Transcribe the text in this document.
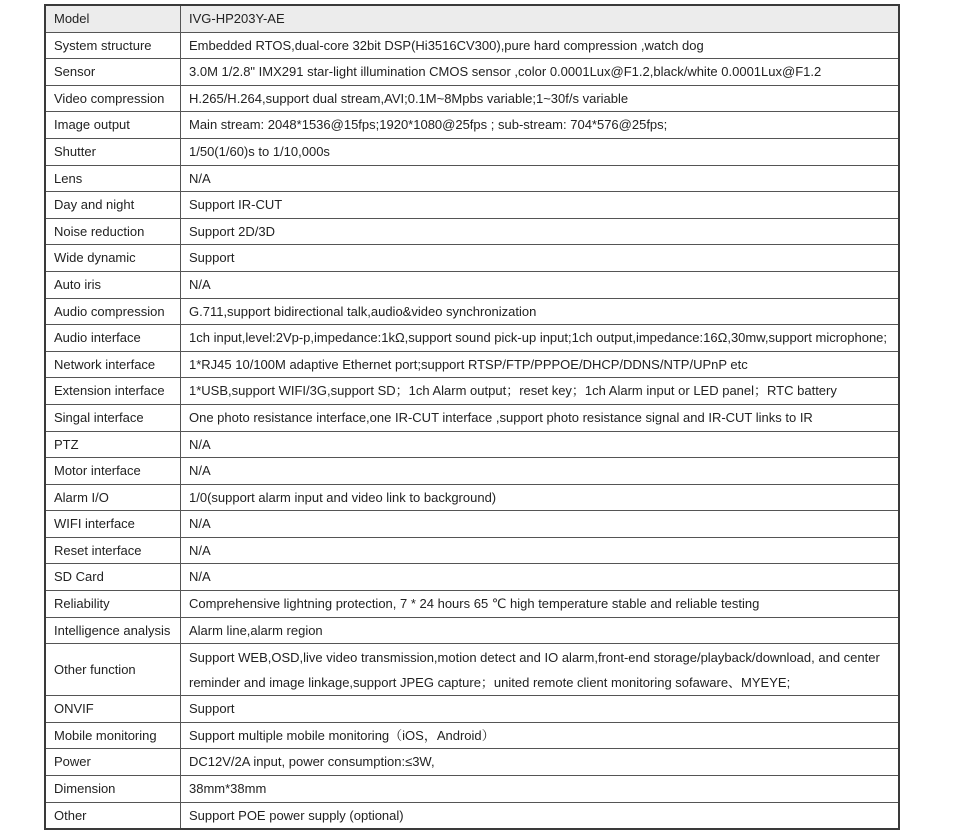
Model	IVG-HP203Y-AE
System structure	Embedded RTOS,dual-core 32bit DSP(Hi3516CV300),pure hard compression ,watch dog
Sensor	3.0M 1/2.8" IMX291 star-light illumination CMOS sensor ,color 0.0001Lux@F1.2,black/white 0.0001Lux@F1.2
Video compression	H.265/H.264,support dual stream,AVI;0.1M~8Mpbs variable;1~30f/s variable
Image output	Main stream: 2048*1536@15fps;1920*1080@25fps ; sub-stream: 704*576@25fps;
Shutter	1/50(1/60)s to 1/10,000s
Lens	N/A
Day and night	Support IR-CUT
Noise reduction	Support 2D/3D
Wide dynamic	Support
Auto iris	N/A
Audio compression	G.711,support bidirectional talk,audio&video synchronization
Audio interface	1ch input,level:2Vp-p,impedance:1kΩ,support sound pick-up input;1ch output,impedance:16Ω,30mw,support microphone;
Network interface	1*RJ45 10/100M adaptive Ethernet port;support RTSP/FTP/PPPOE/DHCP/DDNS/NTP/UPnP etc
Extension interface	1*USB,support WIFI/3G,support SD；1ch Alarm output；reset key；1ch Alarm input or LED panel；RTC battery
Singal interface	One photo resistance interface,one IR-CUT interface ,support photo resistance signal and IR-CUT links to IR
PTZ	N/A
Motor interface	N/A
Alarm I/O	1/0(support alarm input and video link to background)
WIFI interface	N/A
Reset interface	N/A
SD Card	N/A
Reliability	Comprehensive lightning protection, 7 * 24 hours 65 ℃ high temperature stable and reliable testing
Intelligence analysis	Alarm line,alarm region
Other function	Support WEB,OSD,live video transmission,motion detect and IO alarm,front-end storage/playback/download, and center reminder and image linkage,support JPEG capture；united remote client monitoring sofaware、MYEYE;
ONVIF	Support
Mobile monitoring	Support multiple mobile monitoring（iOS，Android）
Power	DC12V/2A input, power consumption:≤3W,
Dimension	38mm*38mm
Other	Support POE power supply (optional)
